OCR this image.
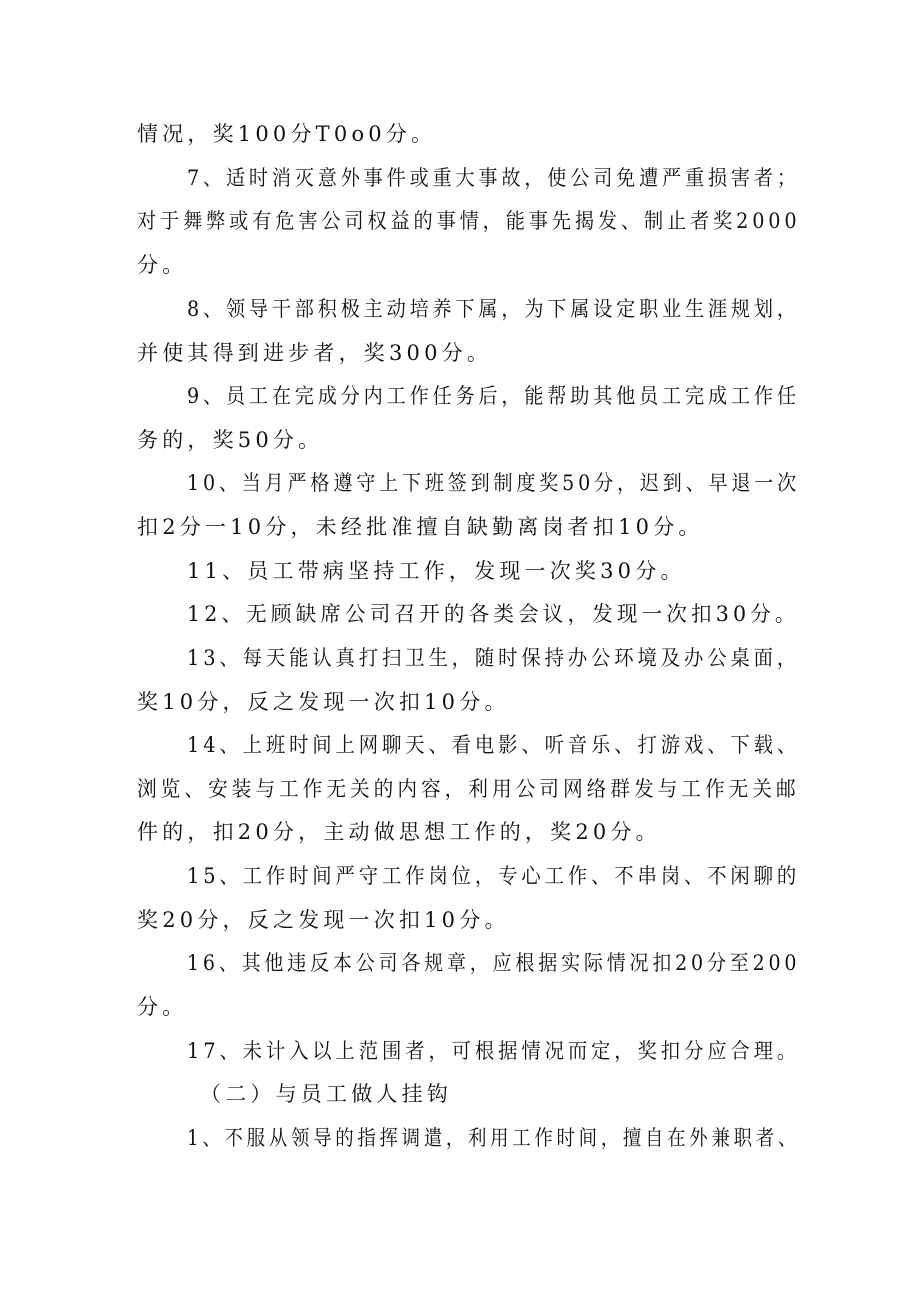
情况，奖100分T0o0分。
7、适时消灭意外事件或重大事故，使公司免遭严重损害者；
对于舞弊或有危害公司权益的事情，能事先揭发、制止者奖2000
分。
8、领导干部积极主动培养下属，为下属设定职业生涯规划，
并使其得到进步者，奖300分。
9、员工在完成分内工作任务后，能帮助其他员工完成工作任
务的，奖50分。
10、当月严格遵守上下班签到制度奖50分，迟到、早退一次
扣2分一10分，未经批准擅自缺勤离岗者扣10分。
11、员工带病坚持工作，发现一次奖30分。
12、无顾缺席公司召开的各类会议，发现一次扣30分。
13、每天能认真打扫卫生，随时保持办公环境及办公桌面，
奖10分，反之发现一次扣10分。
14、上班时间上网聊天、看电影、听音乐、打游戏、下载、
浏览、安装与工作无关的内容，利用公司网络群发与工作无关邮
件的，扣20分，主动做思想工作的，奖20分。
15、工作时间严守工作岗位，专心工作、不串岗、不闲聊的
奖20分，反之发现一次扣10分。
16、其他违反本公司各规章，应根据实际情况扣20分至200
分。
17、未计入以上范围者，可根据情况而定，奖扣分应合理。
（二）与员工做人挂钩
1、不服从领导的指挥调遣，利用工作时间，擅自在外兼职者、
